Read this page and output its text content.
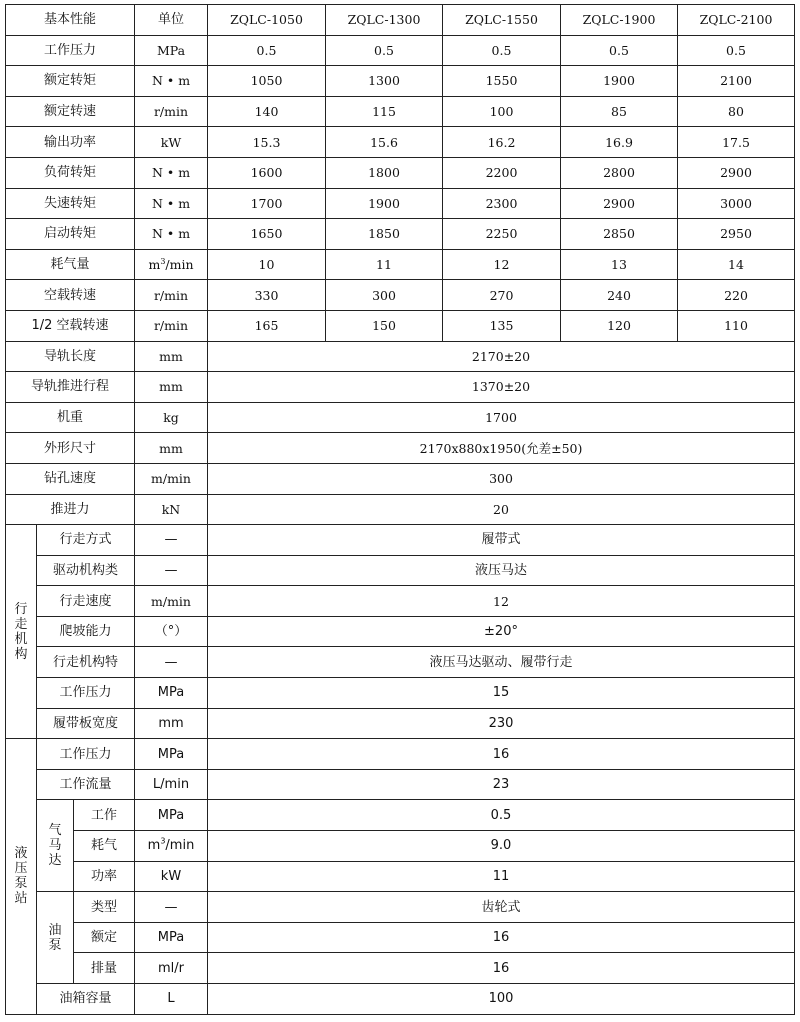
基本性能			单位	ZQLC-1050	ZQLC-1300	ZQLC-1550	ZQLC-1900	ZQLC-2100
工作压力			MPa	0.5	0.5	0.5	0.5	0.5
额定转矩			N • m	1050	1300	1550	1900	2100
额定转速			r/min	140	115	100	85	80
输出功率			kW	15.3	15.6	16.2	16.9	17.5
负荷转矩			N • m	1600	1800	2200	2800	2900
失速转矩			N • m	1700	1900	2300	2900	3000
启动转矩			N • m	1650	1850	2250	2850	2950
耗气量			$m^3/\min$	10	11	12	13	14
空载转速			r/min	330	300	270	240	220
1/2 空载转速			r/min	165	150	135	120	110
导轨长度			mm	2170±20				
导轨推进行程			mm	1370±20				
机重			kg	1700				
外形尺寸			mm	2170x880x1950(允差±50)				
钻孔速度			m/min	300				
推进力			kN	20				
行走机构	行走方式		—	履带式				
	驱动机构类		—	液压马达				
	行走速度		m/min	12				
	爬坡能力		（°）	±20°				
	行走机构特		—	液压马达驱动、履带行走				
	工作压力		MPa	15				
	履带板宽度		mm	230				
液压泵站	工作压力		MPa	16				
	工作流量		L/min	23				
	气马达	工作	MPa	0.5				
		耗气	$m^3/\min$	9.0				
		功率	kW	11				
	油泵	类型	—	齿轮式				
		额定	MPa	16				
		排量	ml/r	16				
	油箱容量		L	100				
